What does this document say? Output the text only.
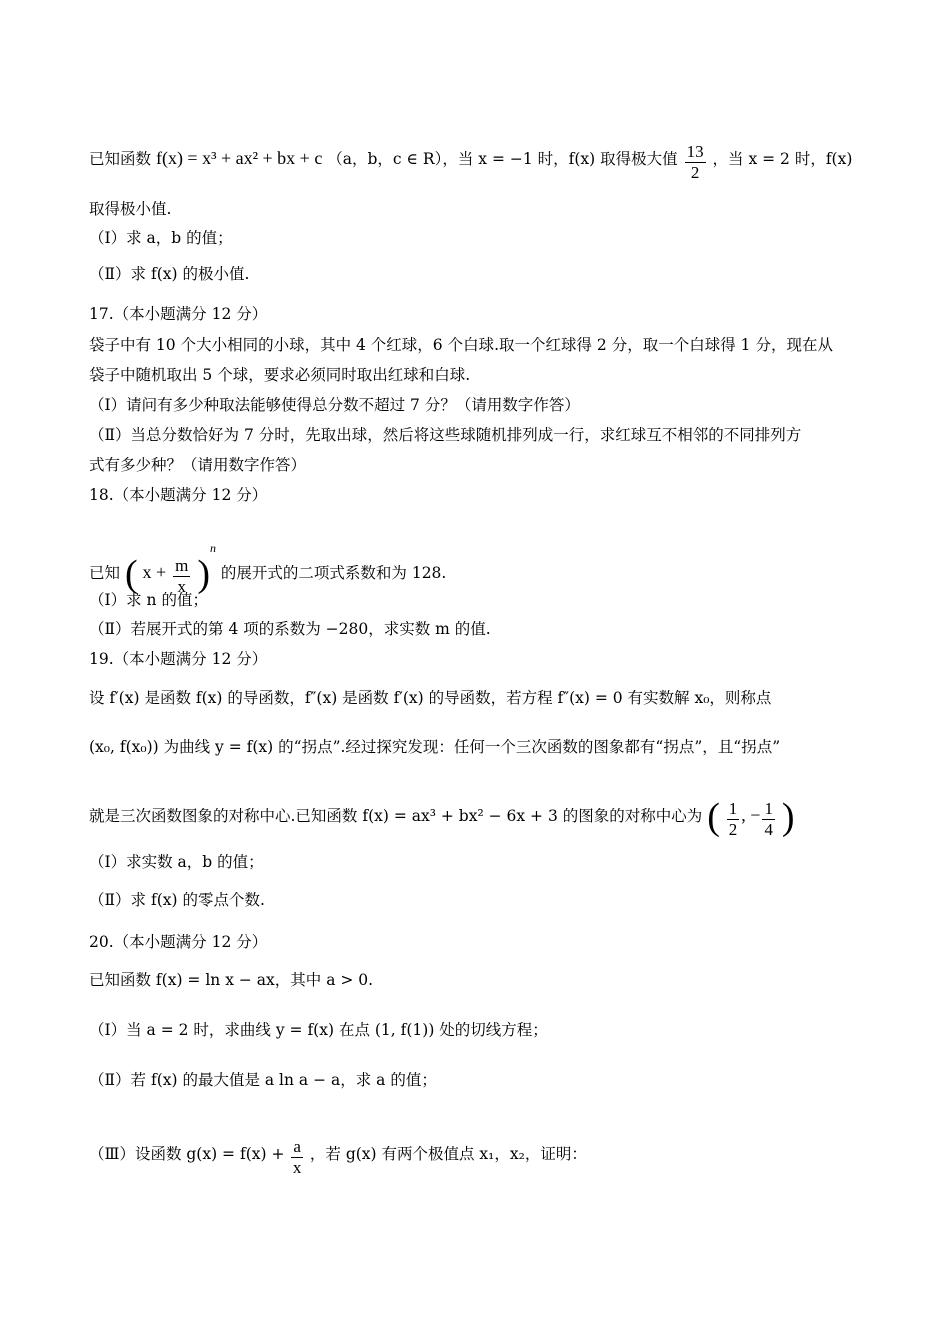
已知函数 f(x) = x³ + ax² + bx + c （a，b，c ∈ R），当 x = −1 时，f(x) 取得极大值 $\frac{13}{2}$ ，当 x = 2 时，f(x)
取得极小值.
（Ⅰ）求 a，b 的值；
（Ⅱ）求 f(x) 的极小值.
17.（本小题满分 12 分）
袋子中有 10 个大小相同的小球，其中 4 个红球，6 个白球.取一个红球得 2 分，取一个白球得 1 分，现在从
袋子中随机取出 5 个球，要求必须同时取出红球和白球.
（Ⅰ）请问有多少种取法能够使得总分数不超过 7 分？（请用数字作答）
（Ⅱ）当总分数恰好为 7 分时，先取出球，然后将这些球随机排列成一行，求红球互不相邻的不同排列方
式有多少种？（请用数字作答）
18.（本小题满分 12 分）
已知 ( $x + \frac{m}{x} )^n$ 的展开式的二项式系数和为 128.
（Ⅰ）求 n 的值；
（Ⅱ）若展开式的第 4 项的系数为 −280，求实数 m 的值.
19.（本小题满分 12 分）
设 f′(x) 是函数 f(x) 的导函数，f″(x) 是函数 f′(x) 的导函数，若方程 f″(x) = 0 有实数解 x₀，则称点
(x₀, f(x₀)) 为曲线 y = f(x) 的“拐点”.经过探究发现：任何一个三次函数的图象都有“拐点”，且“拐点”
就是三次函数图象的对称中心.已知函数 f(x) = ax³ + bx² − 6x + 3 的图象的对称中心为 ( $\frac{1}{2}$ , − $\frac{1}{4}$ )
（Ⅰ）求实数 a，b 的值；
（Ⅱ）求 f(x) 的零点个数.
20.（本小题满分 12 分）
已知函数 f(x) = ln x − ax，其中 a > 0.
（Ⅰ）当 a = 2 时，求曲线 y = f(x) 在点 (1, f(1)) 处的切线方程；
（Ⅱ）若 f(x) 的最大值是 a ln a − a，求 a 的值；
（Ⅲ）设函数 $g(x) = f(x) + \frac{a}{x}$ ，若 g(x) 有两个极值点 x₁，x₂，证明：
